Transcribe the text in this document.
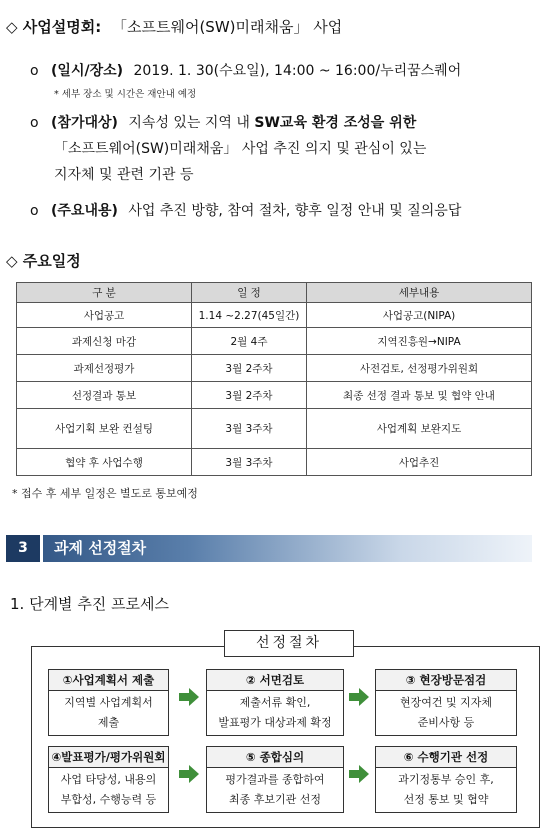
◇ 사업설명회: 「소프트웨어(SW)미래채움」 사업
o (일시/장소) 2019. 1. 30(수요일), 14:00 ~ 16:00/누리꿈스퀘어
* 세부 장소 및 시간은 재안내 예정
o (참가대상) 지속성 있는 지역 내 SW교육 환경 조성을 위한
「소프트웨어(SW)미래채움」 사업 추진 의지 및 관심이 있는
지자체 및 관련 기관 등
o (주요내용) 사업 추진 방향, 참여 절차, 향후 일정 안내 및 질의응답
◇ 주요일정
구 분	일 정	세부내용
사업공고	1.14 ~2.27(45일간)	사업공고(NIPA)
과제신청 마감	2월 4주	지역진흥원→NIPA
과제선정평가	3월 2주차	사전검토, 선정평가위원회
선정결과 통보	3월 2주차	최종 선정 결과 통보 및 협약 안내
사업기획 보완 컨설팅	3월 3주차	사업계획 보완지도
협약 후 사업수행	3월 3주차	사업추진
* 접수 후 세부 일정은 별도로 통보예정
3	과제 선정절차
1. 단계별 추진 프로세스
선정절차
①사업계획서 제출
지역별 사업계획서
제출
② 서면검토
제출서류 확인,
발표평가 대상과제 확정
③ 현장방문점검
현장여건 및 지자체
준비사항 등
④발표평가/평가위원회
사업 타당성, 내용의
부합성, 수행능력 등
⑤ 종합심의
평가결과를 종합하여
최종 후보기관 선정
⑥ 수행기관 선정
과기정통부 승인 후,
선정 통보 및 협약
